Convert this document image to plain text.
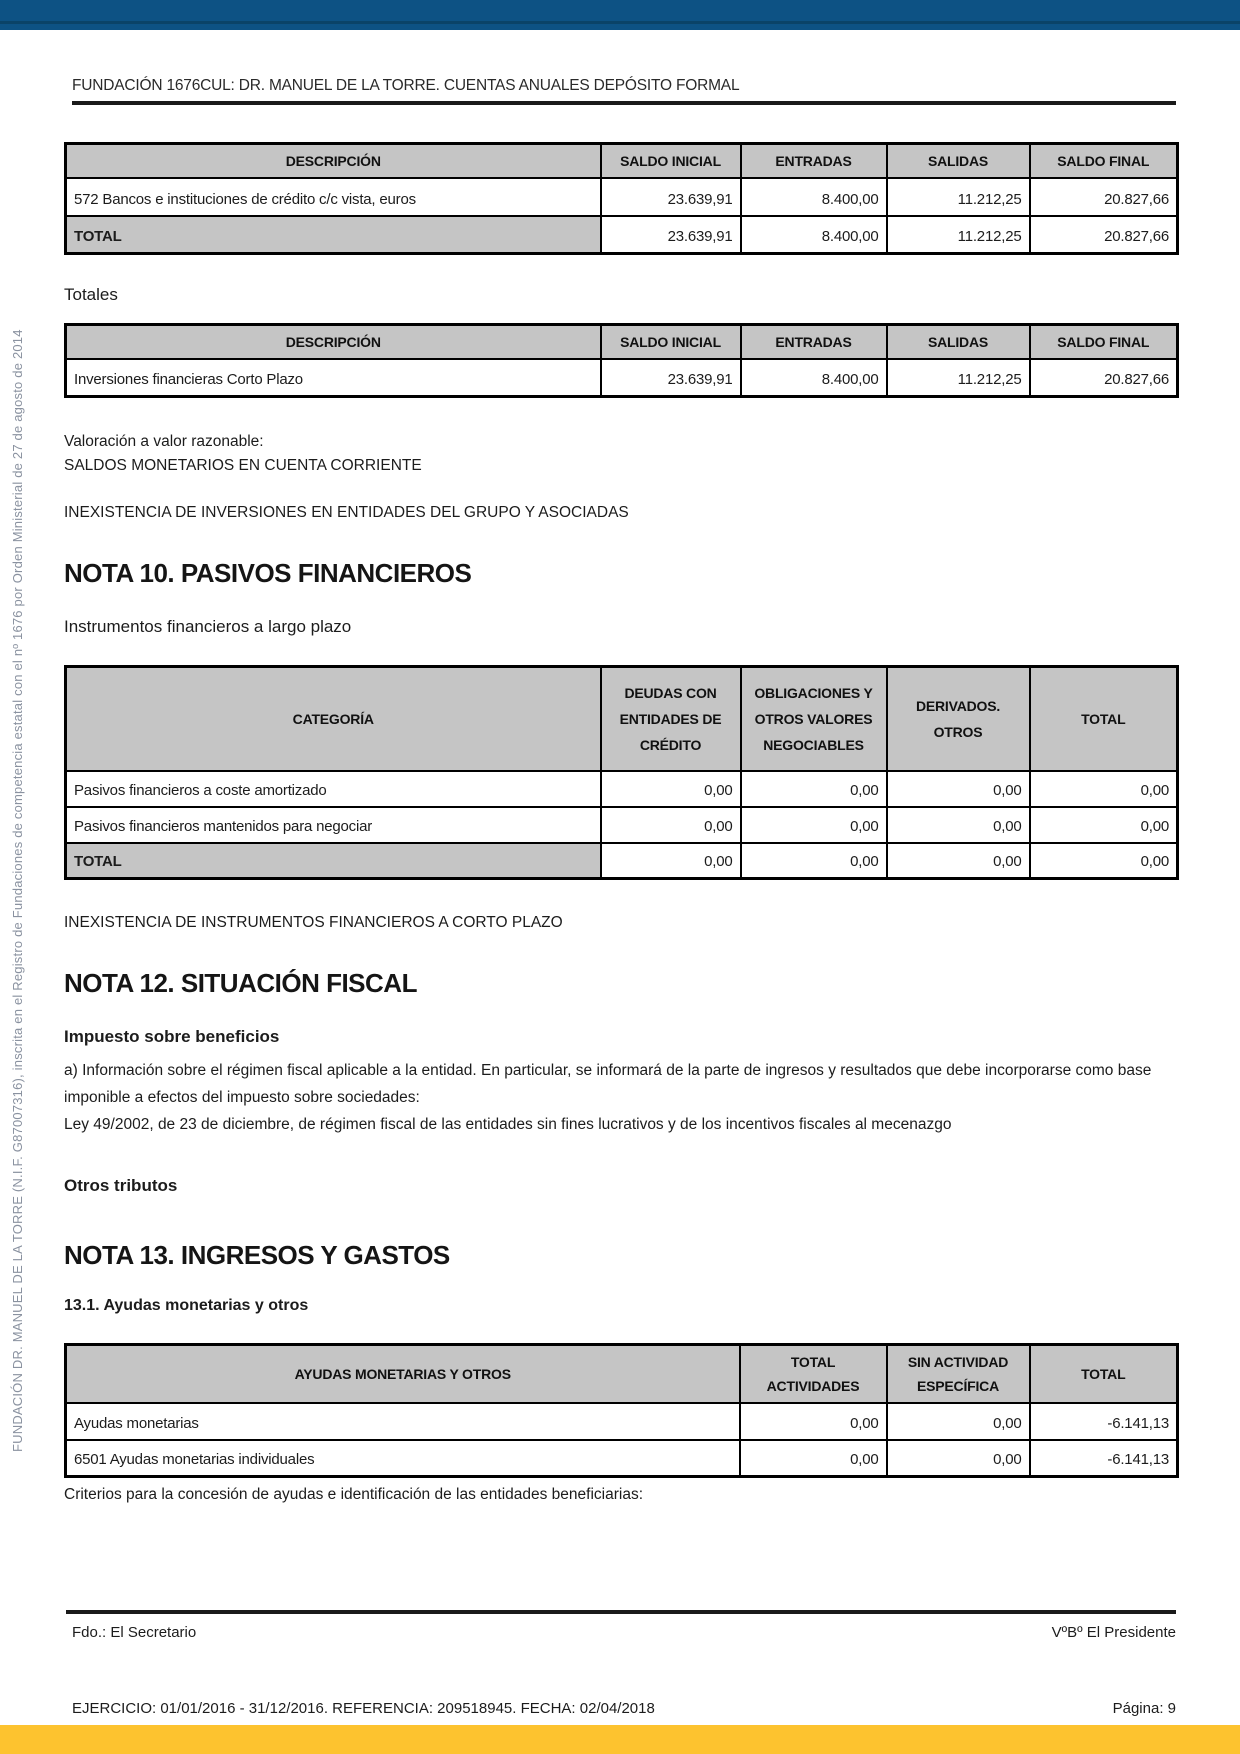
FUNDACIÓN DR. MANUEL DE LA TORRE (N.I.F. G87007316), inscrita en el Registro de Fundaciones de competencia estatal con el nº 1676 por Orden Ministerial de 27 de agosto de 2014
FUNDACIÓN 1676CUL: DR. MANUEL DE LA TORRE. CUENTAS ANUALES DEPÓSITO FORMAL
DESCRIPCIÓN	SALDO INICIAL	ENTRADAS	SALIDAS	SALDO FINAL
572 Bancos e instituciones de crédito c/c vista, euros	23.639,91	8.400,00	11.212,25	20.827,66
TOTAL	23.639,91	8.400,00	11.212,25	20.827,66
Totales
DESCRIPCIÓN	SALDO INICIAL	ENTRADAS	SALIDAS	SALDO FINAL
Inversiones financieras Corto Plazo	23.639,91	8.400,00	11.212,25	20.827,66
Valoración a valor razonable:
SALDOS MONETARIOS EN CUENTA CORRIENTE
INEXISTENCIA DE INVERSIONES EN ENTIDADES DEL GRUPO Y ASOCIADAS
NOTA 10. PASIVOS FINANCIEROS
Instrumentos financieros a largo plazo
CATEGORÍA	DEUDAS CON ENTIDADES DE CRÉDITO	OBLIGACIONES Y OTROS VALORES NEGOCIABLES	DERIVADOS. OTROS	TOTAL
Pasivos financieros a coste amortizado	0,00	0,00	0,00	0,00
Pasivos financieros mantenidos para negociar	0,00	0,00	0,00	0,00
TOTAL	0,00	0,00	0,00	0,00
INEXISTENCIA DE INSTRUMENTOS FINANCIEROS A CORTO PLAZO
NOTA 12. SITUACIÓN FISCAL
Impuesto sobre beneficios
a) Información sobre el régimen fiscal aplicable a la entidad. En particular, se informará de la parte de ingresos y resultados que debe incorporarse como base imponible a efectos del impuesto sobre sociedades:
Ley 49/2002, de 23 de diciembre, de régimen fiscal de las entidades sin fines lucrativos y de los incentivos fiscales al mecenazgo
Otros tributos
NOTA 13. INGRESOS Y GASTOS
13.1. Ayudas monetarias y otros
AYUDAS MONETARIAS Y OTROS	TOTAL ACTIVIDADES	SIN ACTIVIDAD ESPECÍFICA	TOTAL
Ayudas monetarias	0,00	0,00	-6.141,13
6501 Ayudas monetarias individuales	0,00	0,00	-6.141,13
Criterios para la concesión de ayudas e identificación de las entidades beneficiarias:
Fdo.: El Secretario	VºBº El Presidente
EJERCICIO: 01/01/2016 - 31/12/2016. REFERENCIA: 209518945. FECHA: 02/04/2018	Página: 9
